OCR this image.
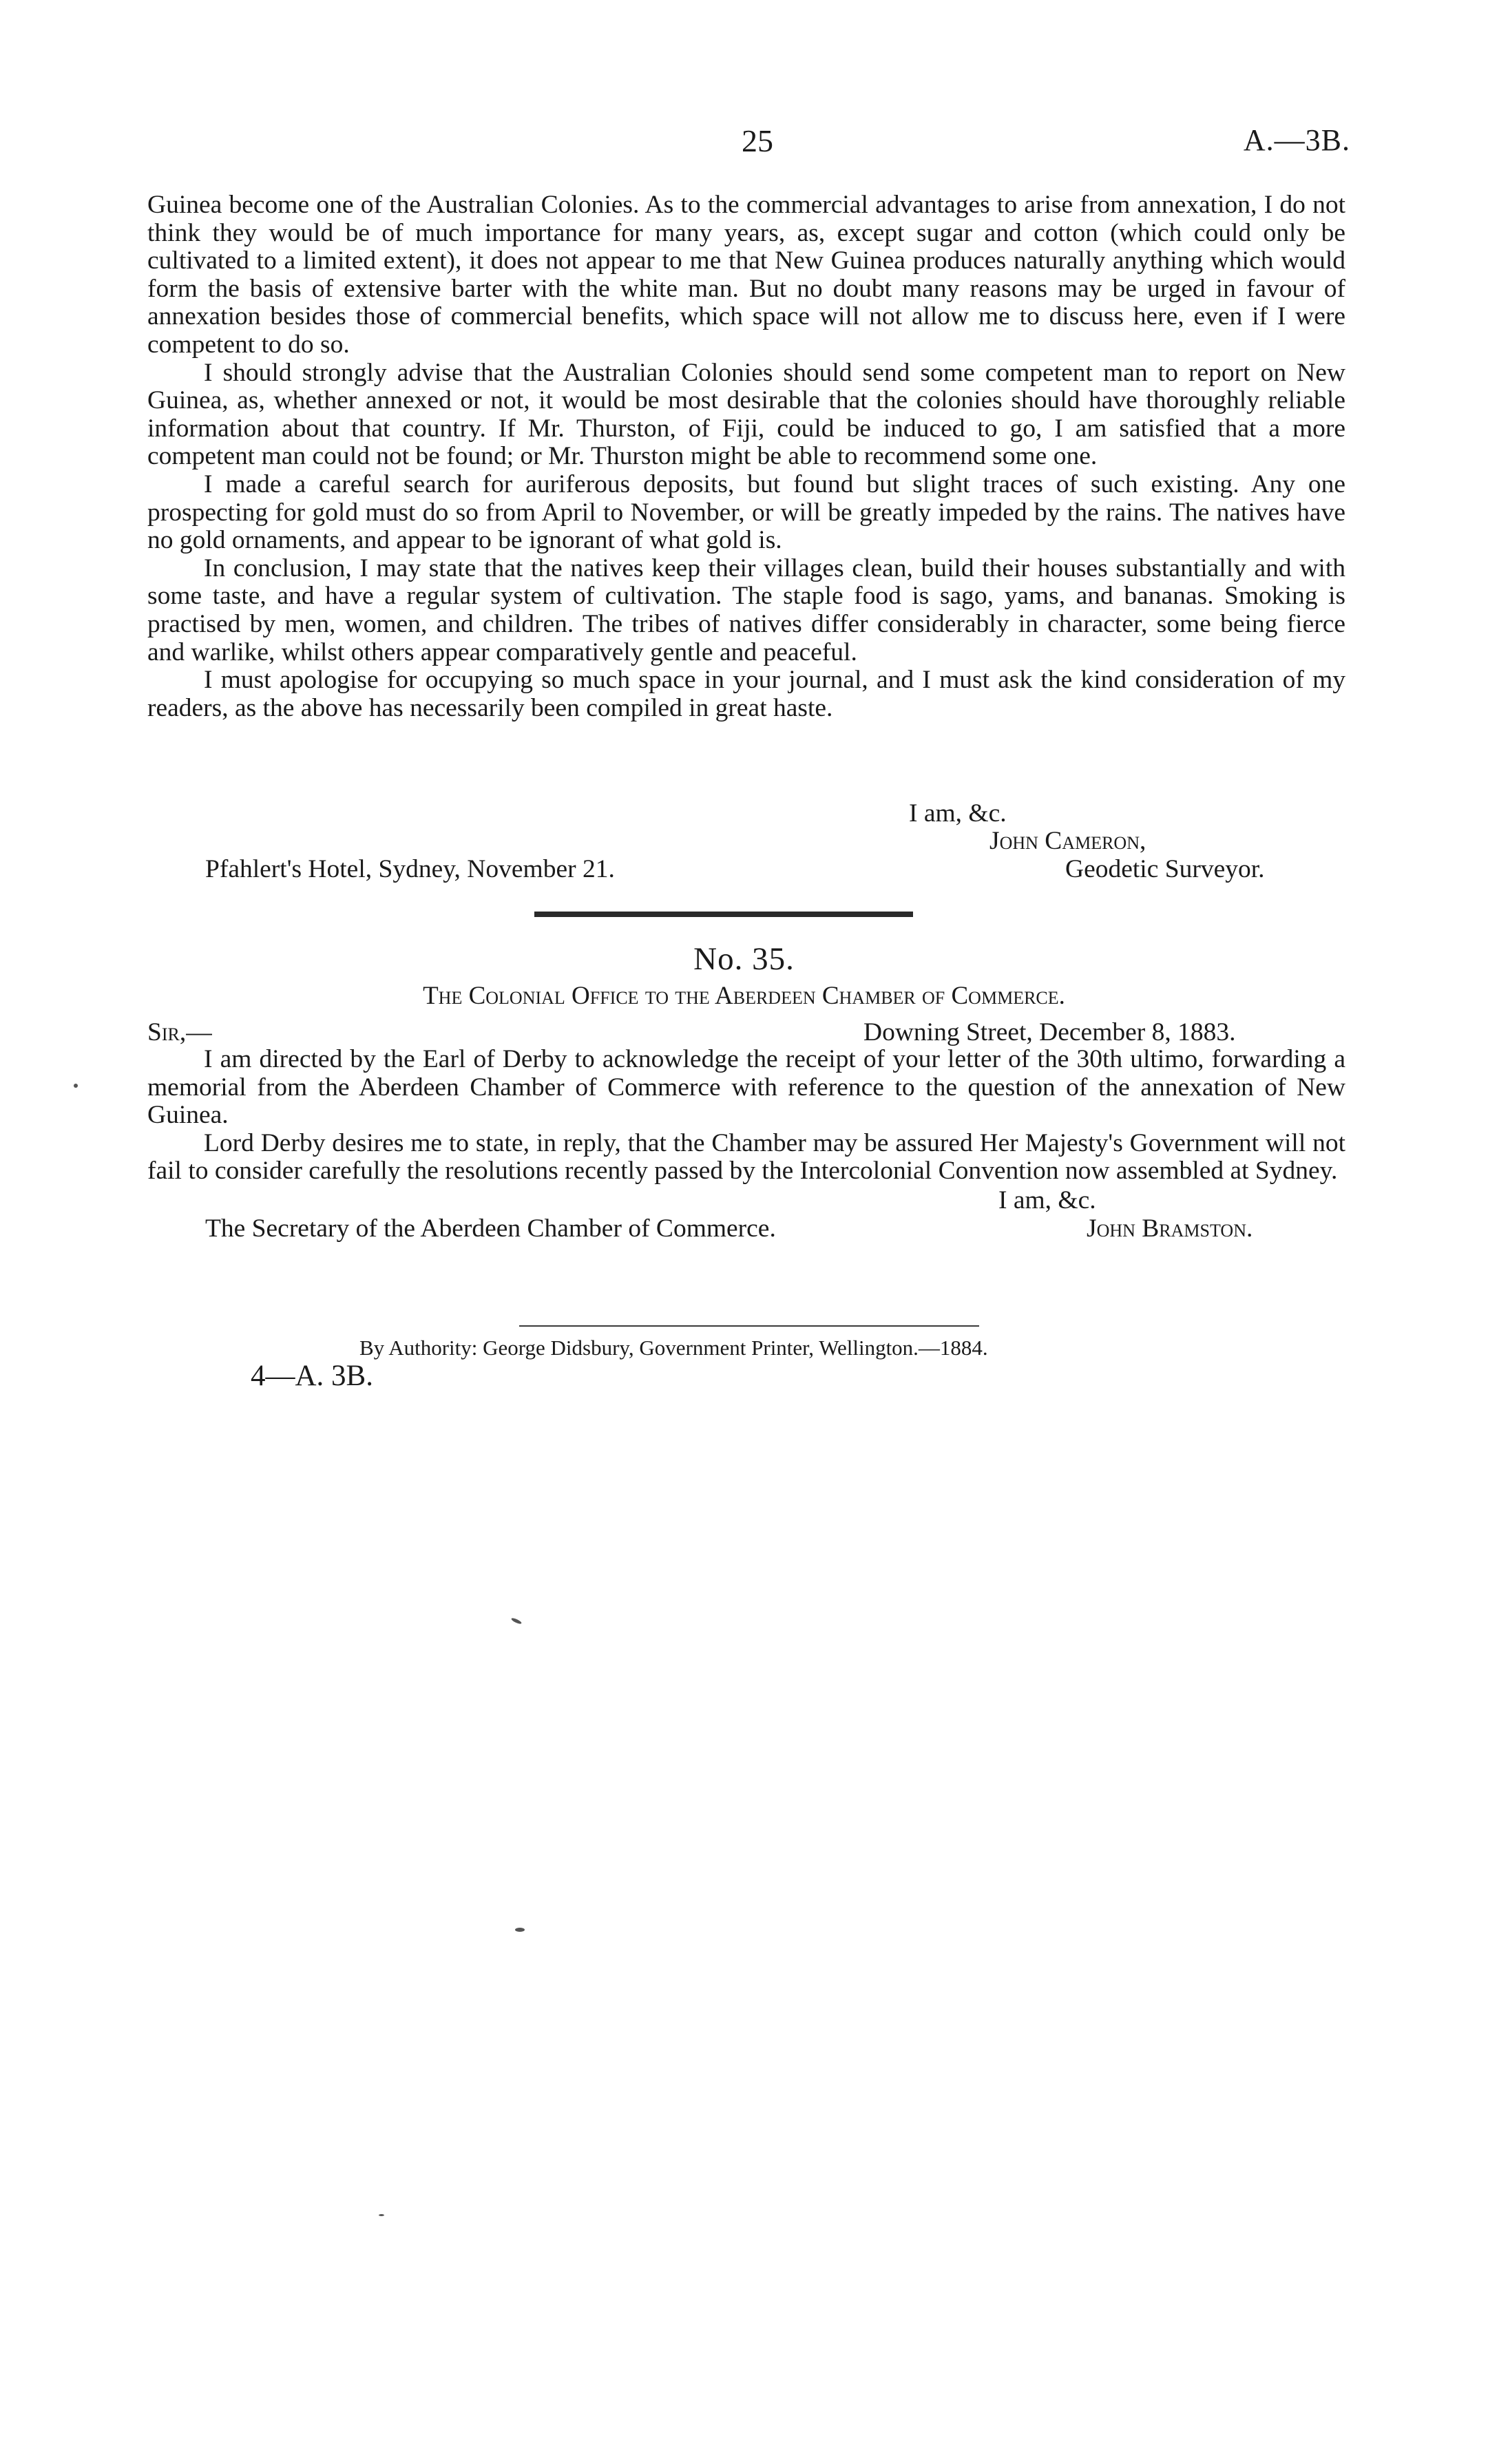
25	A.—3B.

Guinea become one of the Australian Colonies. As to the commercial advantages to arise from annexation, I do not think they would be of much importance for many years, as, except sugar and cotton (which could only be cultivated to a limited extent), it does not appear to me that New Guinea produces naturally anything which would form the basis of extensive barter with the white man. But no doubt many reasons may be urged in favour of annexation besides those of commercial benefits, which space will not allow me to discuss here, even if I were competent to do so.

I should strongly advise that the Australian Colonies should send some competent man to report on New Guinea, as, whether annexed or not, it would be most desirable that the colonies should have thoroughly reliable information about that country. If Mr. Thurston, of Fiji, could be induced to go, I am satisfied that a more competent man could not be found; or Mr. Thurston might be able to recommend some one.

I made a careful search for auriferous deposits, but found but slight traces of such existing. Any one prospecting for gold must do so from April to November, or will be greatly impeded by the rains. The natives have no gold ornaments, and appear to be ignorant of what gold is.

In conclusion, I may state that the natives keep their villages clean, build their houses substantially and with some taste, and have a regular system of cultivation. The staple food is sago, yams, and bananas. Smoking is practised by men, women, and children. The tribes of natives differ considerably in character, some being fierce and warlike, whilst others appear comparatively gentle and peaceful.

I must apologise for occupying so much space in your journal, and I must ask the kind consideration of my readers, as the above has necessarily been compiled in great haste.

I am, &c.
John Cameron,
Pfahlert's Hotel, Sydney, November 21.	Geodetic Surveyor.
No. 35.
The Colonial Office to the Aberdeen Chamber of Commerce.
Sir,—	Downing Street, December 8, 1883.

I am directed by the Earl of Derby to acknowledge the receipt of your letter of the 30th ultimo, forwarding a memorial from the Aberdeen Chamber of Commerce with reference to the question of the annexation of New Guinea.

Lord Derby desires me to state, in reply, that the Chamber may be assured Her Majesty's Government will not fail to consider carefully the resolutions recently passed by the Intercolonial Convention now assembled at Sydney.

I am, &c.
The Secretary of the Aberdeen Chamber of Commerce.	John Bramston.
By Authority: George Didsbury, Government Printer, Wellington.—1884.
4—A. 3B.
